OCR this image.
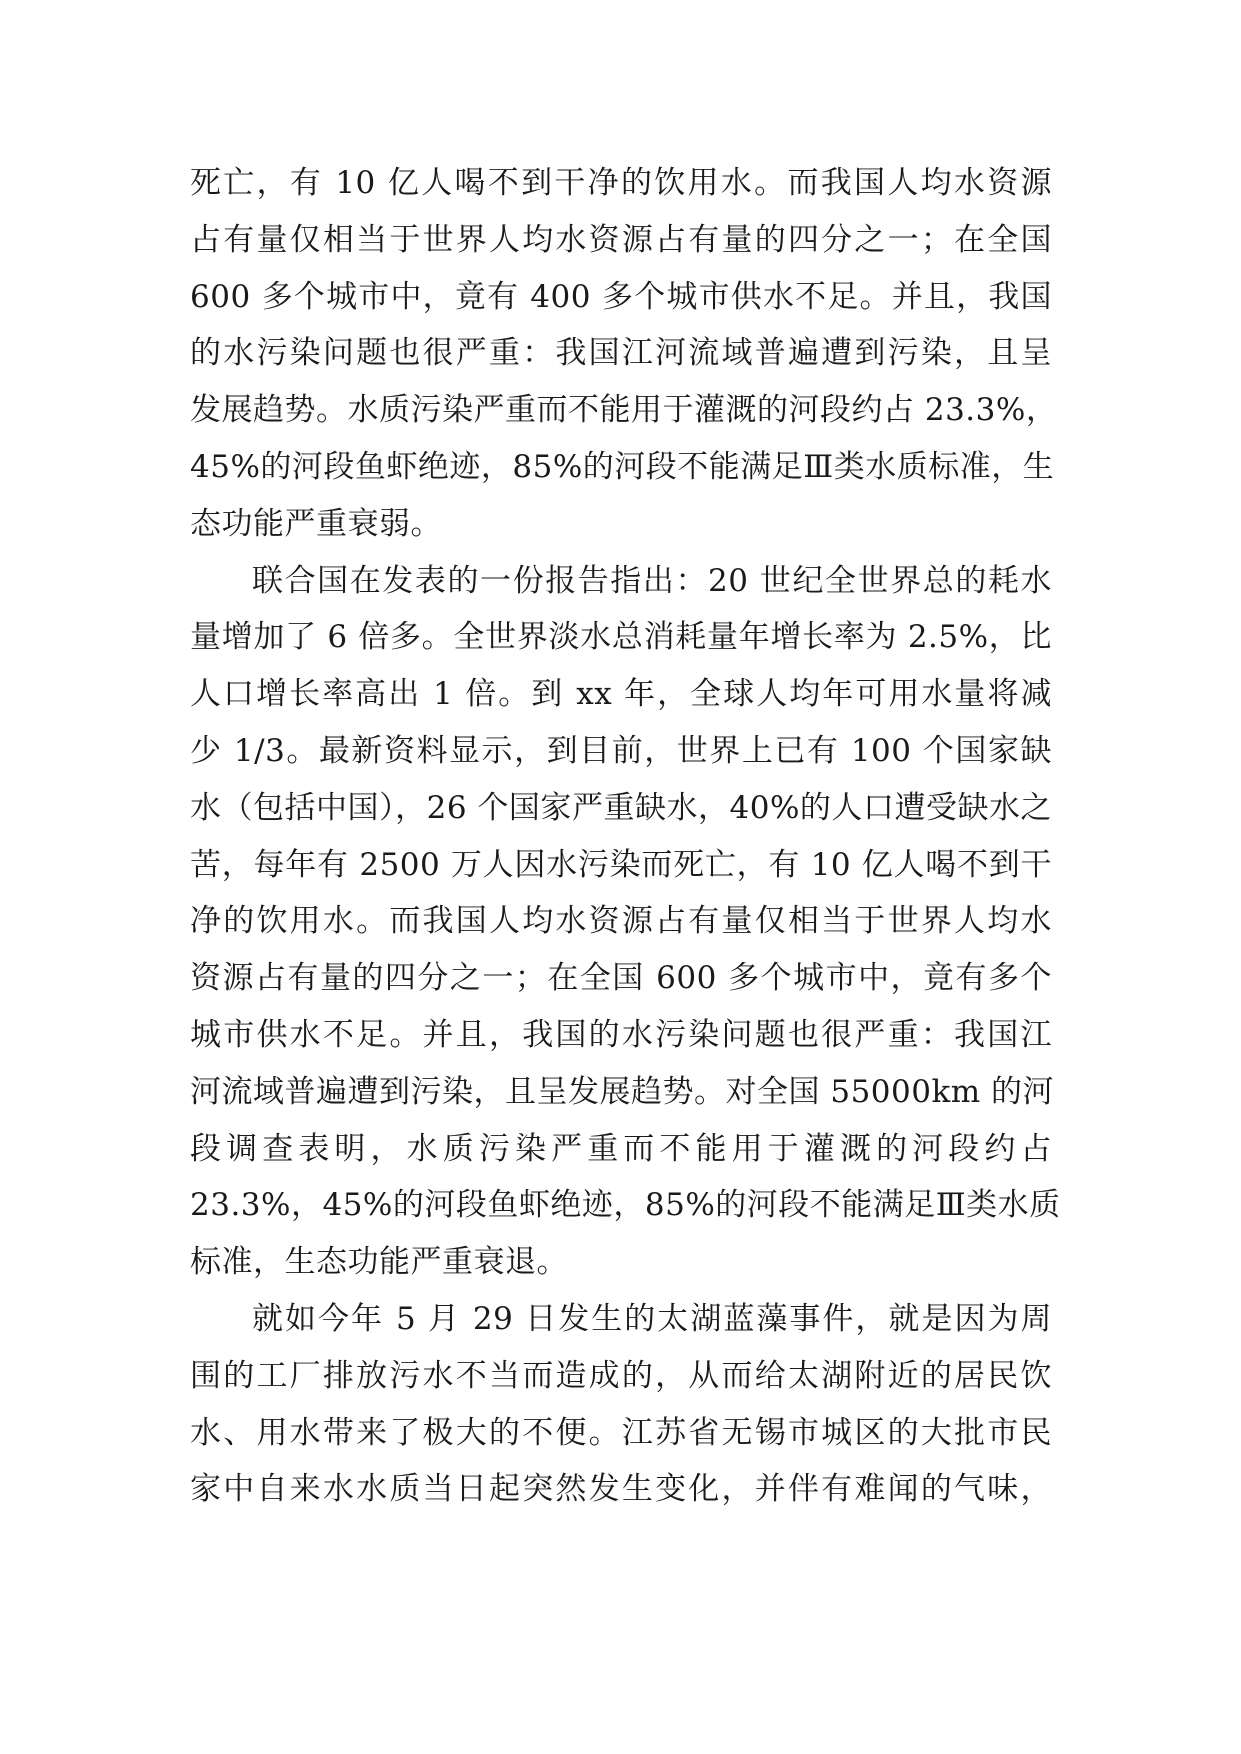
死亡，有 10 亿人喝不到干净的饮用水。而我国人均水资源
占有量仅相当于世界人均水资源占有量的四分之一；在全国
600 多个城市中，竟有 400 多个城市供水不足。并且，我国
的水污染问题也很严重：我国江河流域普遍遭到污染，且呈
发展趋势。水质污染严重而不能用于灌溉的河段约占 23.3%，
45%的河段鱼虾绝迹，85%的河段不能满足Ⅲ类水质标准，生
态功能严重衰弱。

联合国在发表的一份报告指出：20 世纪全世界总的耗水
量增加了 6 倍多。全世界淡水总消耗量年增长率为 2.5%，比
人口增长率高出 1 倍。到 xx 年，全球人均年可用水量将减
少 1/3。最新资料显示，到目前，世界上已有 100 个国家缺
水（包括中国），26 个国家严重缺水，40%的人口遭受缺水之
苦，每年有 2500 万人因水污染而死亡，有 10 亿人喝不到干
净的饮用水。而我国人均水资源占有量仅相当于世界人均水
资源占有量的四分之一；在全国 600 多个城市中，竟有多个
城市供水不足。并且，我国的水污染问题也很严重：我国江
河流域普遍遭到污染，且呈发展趋势。对全国 55000km 的河
段调查表明，水质污染严重而不能用于灌溉的河段约占
23.3%，45%的河段鱼虾绝迹，85%的河段不能满足Ⅲ类水质
标准，生态功能严重衰退。

就如今年 5 月 29 日发生的太湖蓝藻事件，就是因为周
围的工厂排放污水不当而造成的，从而给太湖附近的居民饮
水、用水带来了极大的不便。江苏省无锡市城区的大批市民
家中自来水水质当日起突然发生变化，并伴有难闻的气味，
